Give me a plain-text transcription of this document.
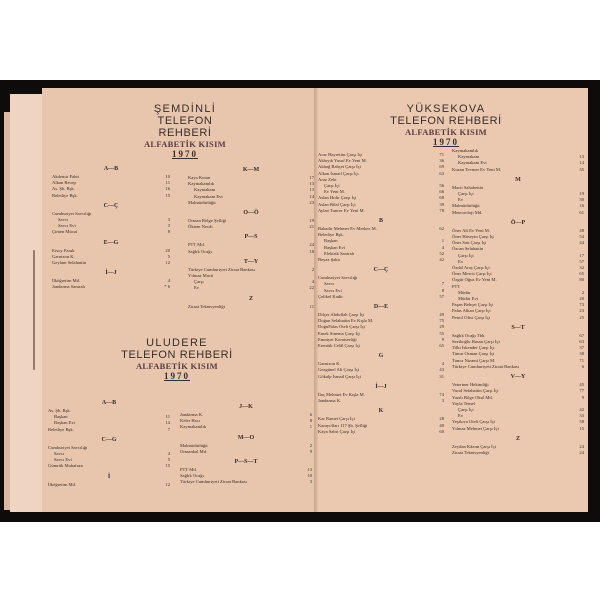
ŞEMDİNLİ
TELEFON REHBERİ
ALFABETİK KISIM
1970
A—B
Akdemir Fahri	10
Alkan Recep	11
As. Şb. Bşk.	16
Belediye Bşk.	15
C—Ç
Cumhuriyet Savcılığı
Savcı	3
Savcı Evi	3
Çimen Mücaf	8
E—G
Ersoy Faruk	20
Garnizon K.	5
Geylani Selahattin	12
İ—J
İlköğretim Md.	4
Jandarma Santralı	* 6
K—M
Kaya Kotan	17
Kaymakamlık	13
Kaymakam	13
Kaymakam Evi	14
Malmüdürlüğü	23
O—Ö
Orman Bölge Şefliği	19
Öktem Necdi	21
P—S
PTT Md.	24
Sağlık Ocağı	18
T—Y
Türkiye Cumhuriyeti Ziraat Bankası	2
Yılmaz Macit
Çarşı	4
Ev	22
Z
Ziraat Teknisyenliği	11
ULUDERE
TELEFON REHBERİ
ALFABETİK KISIM
1970
A—B
As. Şb. Bşk.
Başkan	11
Başkan Evi	14
Belediye Bşk.	7
C—G
Cumhuriyet Savcılığı
Savcı	4
Savcı Evi	5
Gümrük Muhafaza	15
İ
İlköğretim Md.	12
J—K
Jandarma K.	6
Keler Hacı	8
Kaymakamlık	1
M—O
Malmüdürlüğü	2
Ormankal Md.	9
P—S—T
PTT Md.	13
Sağlık Ocağı	10
Türkiye Cumhuriyeti Ziraat Bankası	3
YÜKSEKOVA
TELEFON REHBERİ
ALFABETİK KISIM
1970
Acar Hayrettin Çarşı İçi	71
Akbıyık Yusuf Ev Yeni M.	36
Akbağ Bahçet Çarşı İçi	69
Alkan İsmail Çarşı İçi	63
Araz Zeki
Çarşı İçi	56
Ev Yeni M.	66
Aslan Hıdır Çarşı İçi	68
Aslan Bilal Çarşı İçi	39
Aylan Tuncer Ev Yeni M.	78
B
Bahadır Mehmet Ev Merkez M.	62
Belediye Bşk.
Başkan	1
Başkan Evi	4
Elektrik Santralı	52
Beyaz Şakir	42
C—Ç
Cumhuriyet Savcılığı
Savcı	7
Savcı Evi	8
Çelikel Kadir	57
D—E
Dilçer Abdullah Çarşı İçi	49
Doğan Selahattin Ev Kışla M.	75
DoğuPalas Oteli Çarşı İçi	29
Emek Sinema Çarşı İçi	55
Emniyet Komiserliği	9
Erentük Celâl Çarşı İçi	65
G
Garnizon K.	4
Gezgünel Ali Çarşı İçi	43
Gökalp İsmail Çarşı İçi	31
İ—J
İlaç Mehmet Ev Kışla M.	74
Jandarma K.	3
K
Kar Ramet Çarşı İçi	28
Karayolları 117 Şb. Şefliği	40
Kaya Sabri Çarşı İçi	60
Kaymakamlık
Kaymakam	13
Kaymakam Evi	14
Kuzan Tevmer Ev Yeni M.	35
M
Macit Sahabettin
Çarşı İçi	19
Ev	30
Malmüdürlüğü	16
Meteoroloji Md.	61
Ö—P
Öner Ali Ev Yeni M.	48
Öner Hüseyin Çarşı İçi	54
Öner Sait Çarşı İçi	44
Özcan Selahattin
Çarşı İçi	17
Ev	57
Özdal Araç Çarşı İçi	32
Öner Mescit Çarşı İçi	65
Özgür Oğuz Ev Yeni M.	80
PTT
Müdür	2
Müdür Evi	20
Paşan Behçet Çarşı İçi	73
Palas Alkan Çarşı İçi	23
Petrol Ofisi Çarşı İçi	25
S—T
Sağlık Ocağı Tbb.	67
Sezikoğlu Hasan Çarşı İçi	63
Tilki İskender Çarşı İçi	37
Timur Osman Çarşı İçi	38
Tunca Nizami Çarşı M.	71
Türkiye Cumhuriyeti Ziraat Bankası	6
V—Y
Veteriner Hekimliği	45
Vural Selahattin Çarşı İçi	77
Yazılı Bilge Okul Md.	9
Yayla Temel
Çarşı İçi	42
Ev	33
Yeşilova Oteli Çarşı İçi	58
Yılmaz Mehmet Çarşı İçi	15
Z
Zeydan Kâzım Çarşı İçi	24
Ziraat Teknisyenliği	24
